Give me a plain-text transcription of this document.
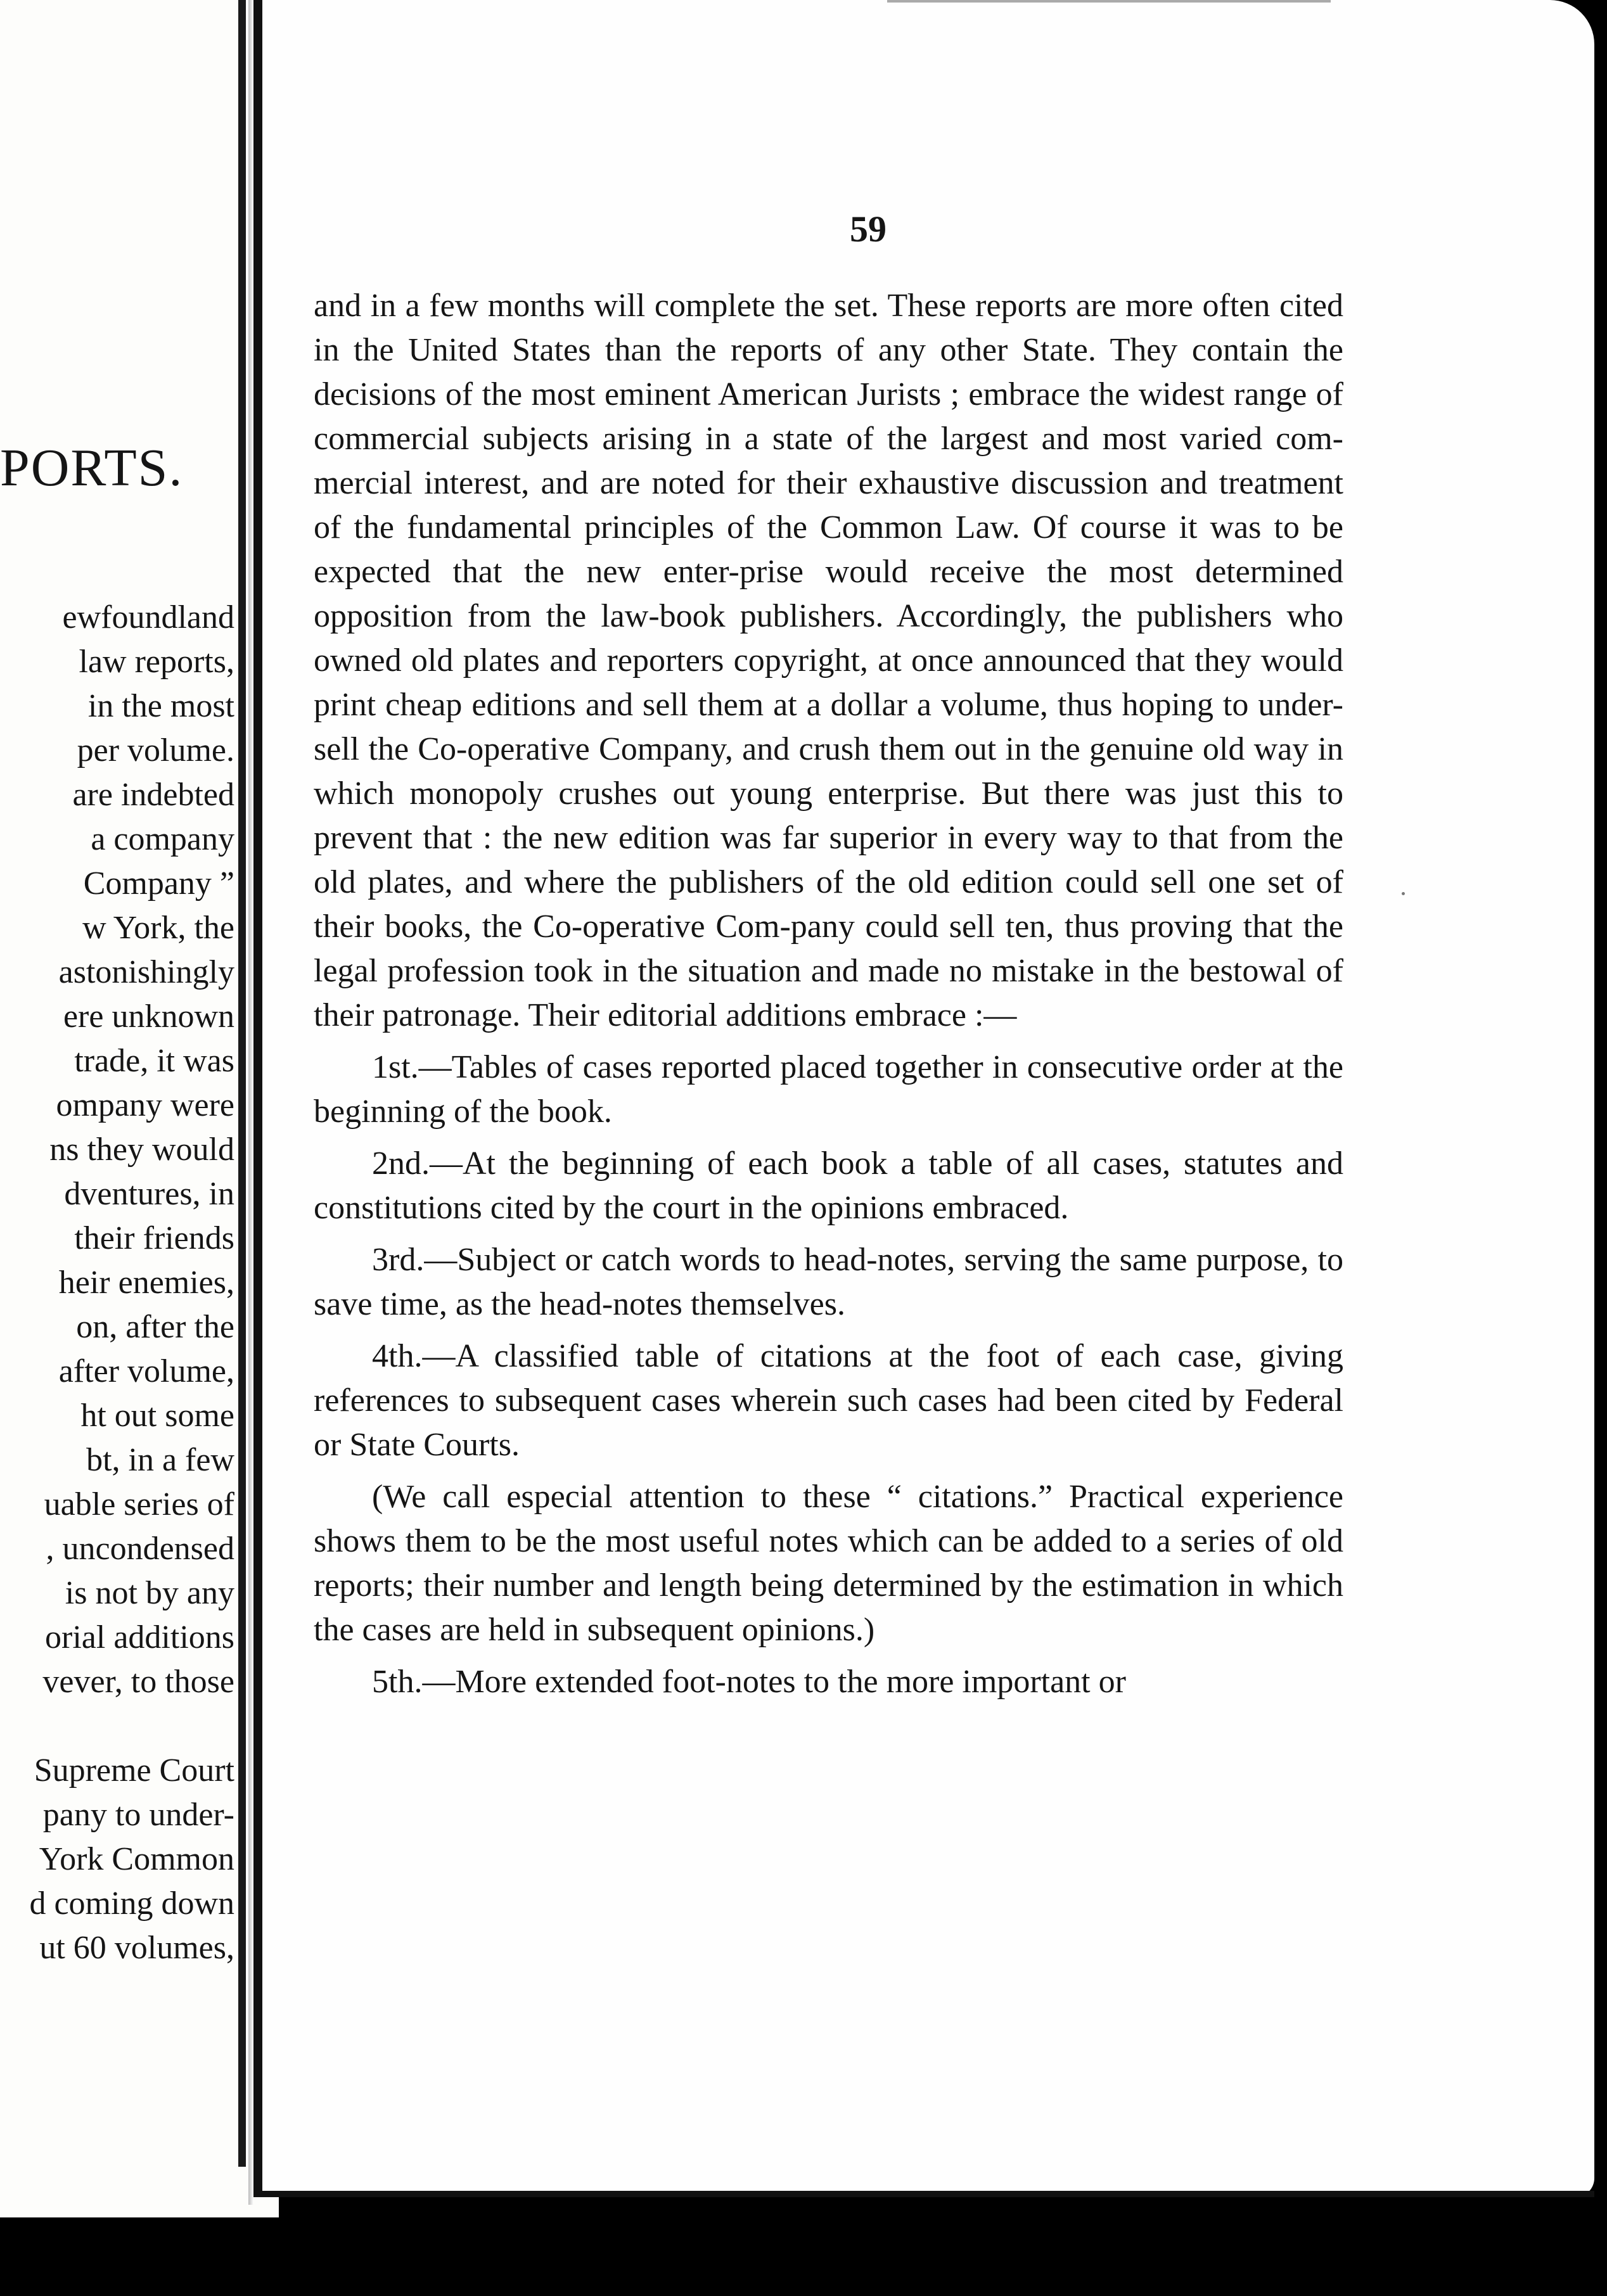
PORTS.
ewfoundland
law reports,
in the most
per volume.
are indebted
a company
Company ”
w York, the
astonishingly
ere unknown
trade, it was
ompany were
ns they would
dventures, in
their friends
heir enemies,
on, after the
after volume,
ht out some
bt, in a few
uable series of
, uncondensed
is not by any
orial additions
vever, to those
Supreme Court
pany to under-
York Common
d coming down
ut 60 volumes,
59

and in a few months will complete the set. These reports are more often cited in the United States than the reports of any other State. They contain the decisions of the most eminent American Jurists ; embrace the widest range of commercial subjects arising in a state of the largest and most varied com-mercial interest, and are noted for their exhaustive discussion and treatment of the fundamental principles of the Common Law. Of course it was to be expected that the new enter-prise would receive the most determined opposition from the law-book publishers. Accordingly, the publishers who owned old plates and reporters copyright, at once announced that they would print cheap editions and sell them at a dollar a volume, thus hoping to under-sell the Co-operative Company, and crush them out in the genuine old way in which monopoly crushes out young enterprise. But there was just this to prevent that : the new edition was far superior in every way to that from the old plates, and where the publishers of the old edition could sell one set of their books, the Co-operative Com-pany could sell ten, thus proving that the legal profession took in the situation and made no mistake in the bestowal of their patronage. Their editorial additions embrace :—

1st.—Tables of cases reported placed together in consecutive order at the beginning of the book.

2nd.—At the beginning of each book a table of all cases, statutes and constitutions cited by the court in the opinions embraced.

3rd.—Subject or catch words to head-notes, serving the same purpose, to save time, as the head-notes themselves.

4th.—A classified table of citations at the foot of each case, giving references to subsequent cases wherein such cases had been cited by Federal or State Courts.

(We call especial attention to these “ citations.” Practical experience shows them to be the most useful notes which can be added to a series of old reports; their number and length being determined by the estimation in which the cases are held in subsequent opinions.)

5th.—More extended foot-notes to the more important or
